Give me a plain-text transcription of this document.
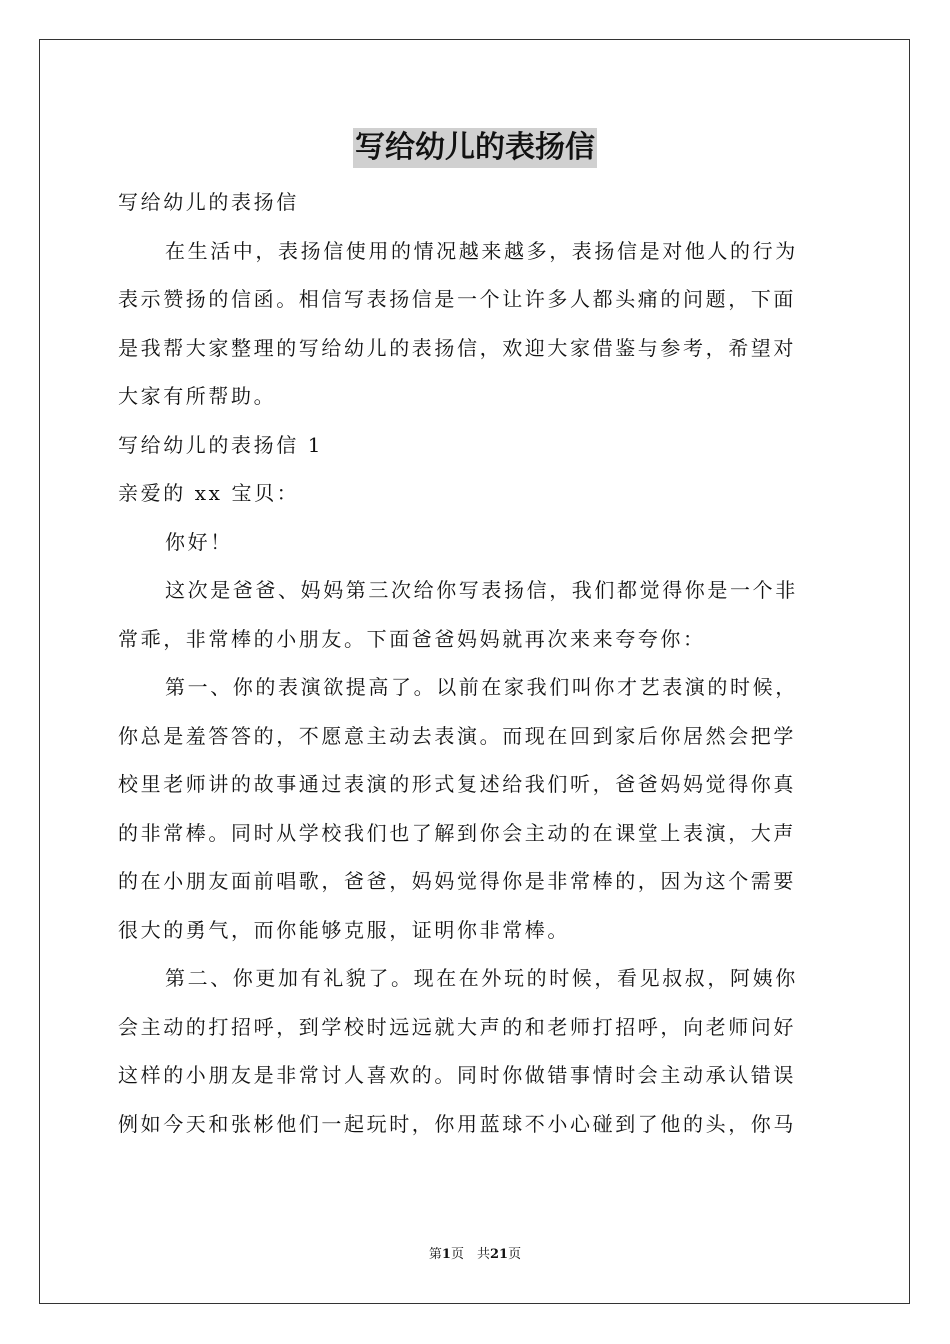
写给幼儿的表扬信
写给幼儿的表扬信
在生活中，表扬信使用的情况越来越多，表扬信是对他人的行为
表示赞扬的信函。相信写表扬信是一个让许多人都头痛的问题，下面
是我帮大家整理的写给幼儿的表扬信，欢迎大家借鉴与参考，希望对
大家有所帮助。
写给幼儿的表扬信 1
亲爱的 xx 宝贝：
你好！
这次是爸爸、妈妈第三次给你写表扬信，我们都觉得你是一个非
常乖，非常棒的小朋友。下面爸爸妈妈就再次来来夸夸你：
第一、你的表演欲提高了。以前在家我们叫你才艺表演的时候，
你总是羞答答的，不愿意主动去表演。而现在回到家后你居然会把学
校里老师讲的故事通过表演的形式复述给我们听，爸爸妈妈觉得你真
的非常棒。同时从学校我们也了解到你会主动的在课堂上表演，大声
的在小朋友面前唱歌，爸爸，妈妈觉得你是非常棒的，因为这个需要
很大的勇气，而你能够克服，证明你非常棒。
第二、你更加有礼貌了。现在在外玩的时候，看见叔叔，阿姨你
会主动的打招呼，到学校时远远就大声的和老师打招呼，向老师问好
这样的小朋友是非常讨人喜欢的。同时你做错事情时会主动承认错误
例如今天和张彬他们一起玩时，你用蓝球不小心碰到了他的头，你马
第1页　共21页
